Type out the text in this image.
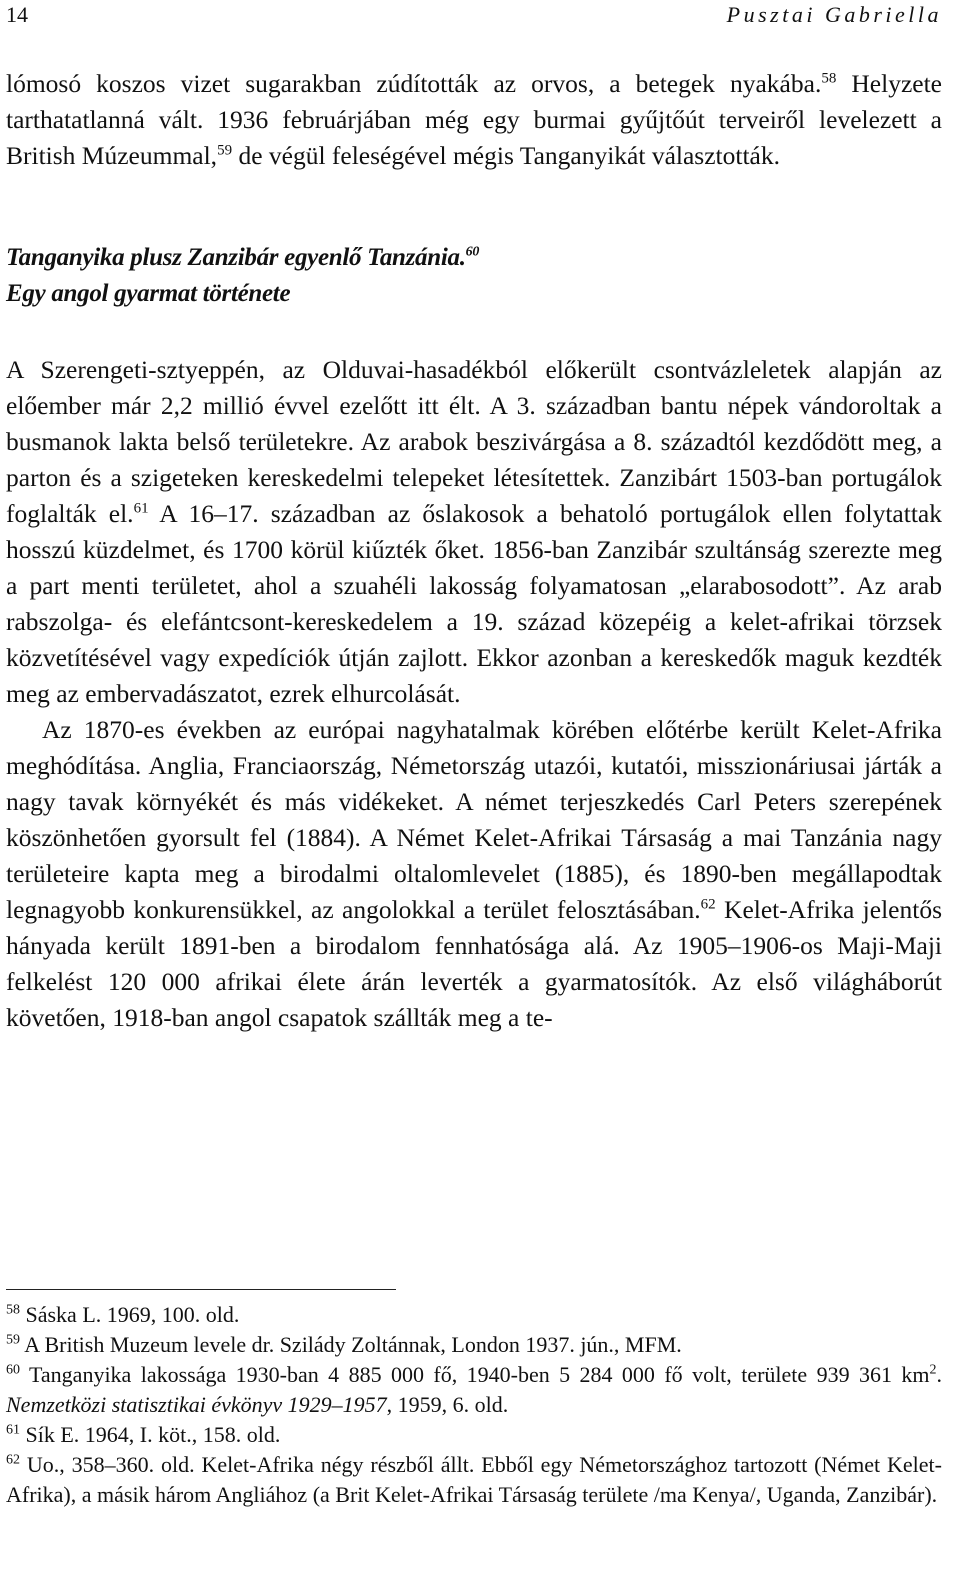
14	Pusztai Gabriella

lómosó koszos vizet sugarakban zúdították az orvos, a betegek nyakába.$^{58}$ Helyzete tarthatatlanná vált. 1936 februárjában még egy burmai gyűjtőút terveiről levelezett a British Múzeummal,$^{59}$ de végül feleségével mégis Tanganyikát választották.

Tanganyika plusz Zanzibár egyenlő Tanzánia.$^{60}$

Egy angol gyarmat története

A Szerengeti-sztyeppén, az Olduvai-hasadékból előkerült csontvázleletek alapján az előember már 2,2 millió évvel ezelőtt itt élt. A 3. században bantu népek vándoroltak a busmanok lakta belső területekre. Az arabok beszivárgása a 8. századtól kezdődött meg, a parton és a szigeteken kereskedelmi telepeket létesítettek. Zanzibárt 1503-ban portugálok foglalták el.$^{61}$ A 16–17. században az őslakosok a behatoló portugálok ellen folytattak hosszú küzdelmet, és 1700 körül kiűzték őket. 1856-ban Zanzibár szultánság szerezte meg a part menti területet, ahol a szuahéli lakosság folyamatosan „elarabosodott”. Az arab rabszolga- és elefántcsont-kereskedelem a 19. század közepéig a kelet-afrikai törzsek közvetítésével vagy expedíciók útján zajlott. Ekkor azonban a kereskedők maguk kezdték meg az embervadászatot, ezrek elhurcolását.

Az 1870-es években az európai nagyhatalmak körében előtérbe került Kelet-Afrika meghódítása. Anglia, Franciaország, Németország utazói, kutatói, misszionáriusai járták a nagy tavak környékét és más vidékeket. A német terjeszkedés Carl Peters szerepének köszönhetően gyorsult fel (1884). A Német Kelet-Afrikai Társaság a mai Tanzánia nagy területeire kapta meg a birodalmi oltalomlevelet (1885), és 1890-ben megállapodtak legnagyobb konkurensükkel, az angolokkal a terület felosztásában.$^{62}$ Kelet-Afrika jelentős hányada került 1891-ben a birodalom fennhatósága alá. Az 1905–1906-os Maji-Maji felkelést 120 000 afrikai élete árán leverték a gyarmatosítók. Az első világháborút követően, 1918-ban angol csapatok szállták meg a te-

$^{58}$ Sáska L. 1969, 100. old.

$^{59}$ A British Muzeum levele dr. Szilády Zoltánnak, London 1937. jún., MFM.

$^{60}$ Tanganyika lakossága 1930-ban 4 885 000 fő, 1940-ben 5 284 000 fő volt, területe 939 361 $km^2$. Nemzetközi statisztikai évkönyv 1929–1957, 1959, 6. old.

$^{61}$ Sík E. 1964, I. köt., 158. old.

$^{62}$ Uo., 358–360. old. Kelet-Afrika négy részből állt. Ebből egy Németországhoz tartozott (Német Kelet-Afrika), a másik három Angliához (a Brit Kelet-Afrikai Társaság területe /ma Kenya/, Uganda, Zanzibár).
